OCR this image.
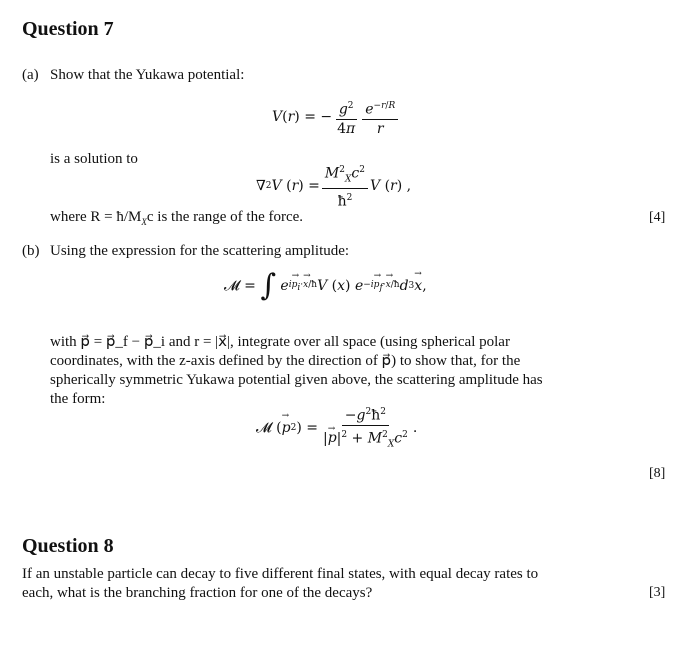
Question 7
(a) Show that the Yukawa potential:
V ( r ) = − $\frac{g^2}{4\pi} \frac{e^{-r/R}}{r}$
is a solution to
∇ 2 V ( r ) = $\frac{M^2_Xc^2}{ħ^2}$ V ( r ) ,
where $R = ħ/M_Xc$ is the range of the force.	[4]
(b) Using the expression for the scattering amplitude:
𝓜 = ∫
e $i\to p_i\cdot\to$ x/ħ V ( x ) $e -i\to p_f\cdot\to$ x/ħ d 3 → x ,
with p⃗ = p⃗_f − p⃗_i and r = |x⃗|, integrate over all space (using spherical polar
coordinates, with the z-axis defined by the direction of p⃗) to show that, for the
spherically symmetric Yukawa potential given above, the scattering amplitude has
the form:
𝓜 ( → p 2 ) = $\frac{-g^2ħ^2}{|\to p|^2 + M^2_Xc^2}$ .
[8]
Question 8
If an unstable particle can decay to five different final states, with equal decay rates to
each, what is the branching fraction for one of the decays?	[3]
